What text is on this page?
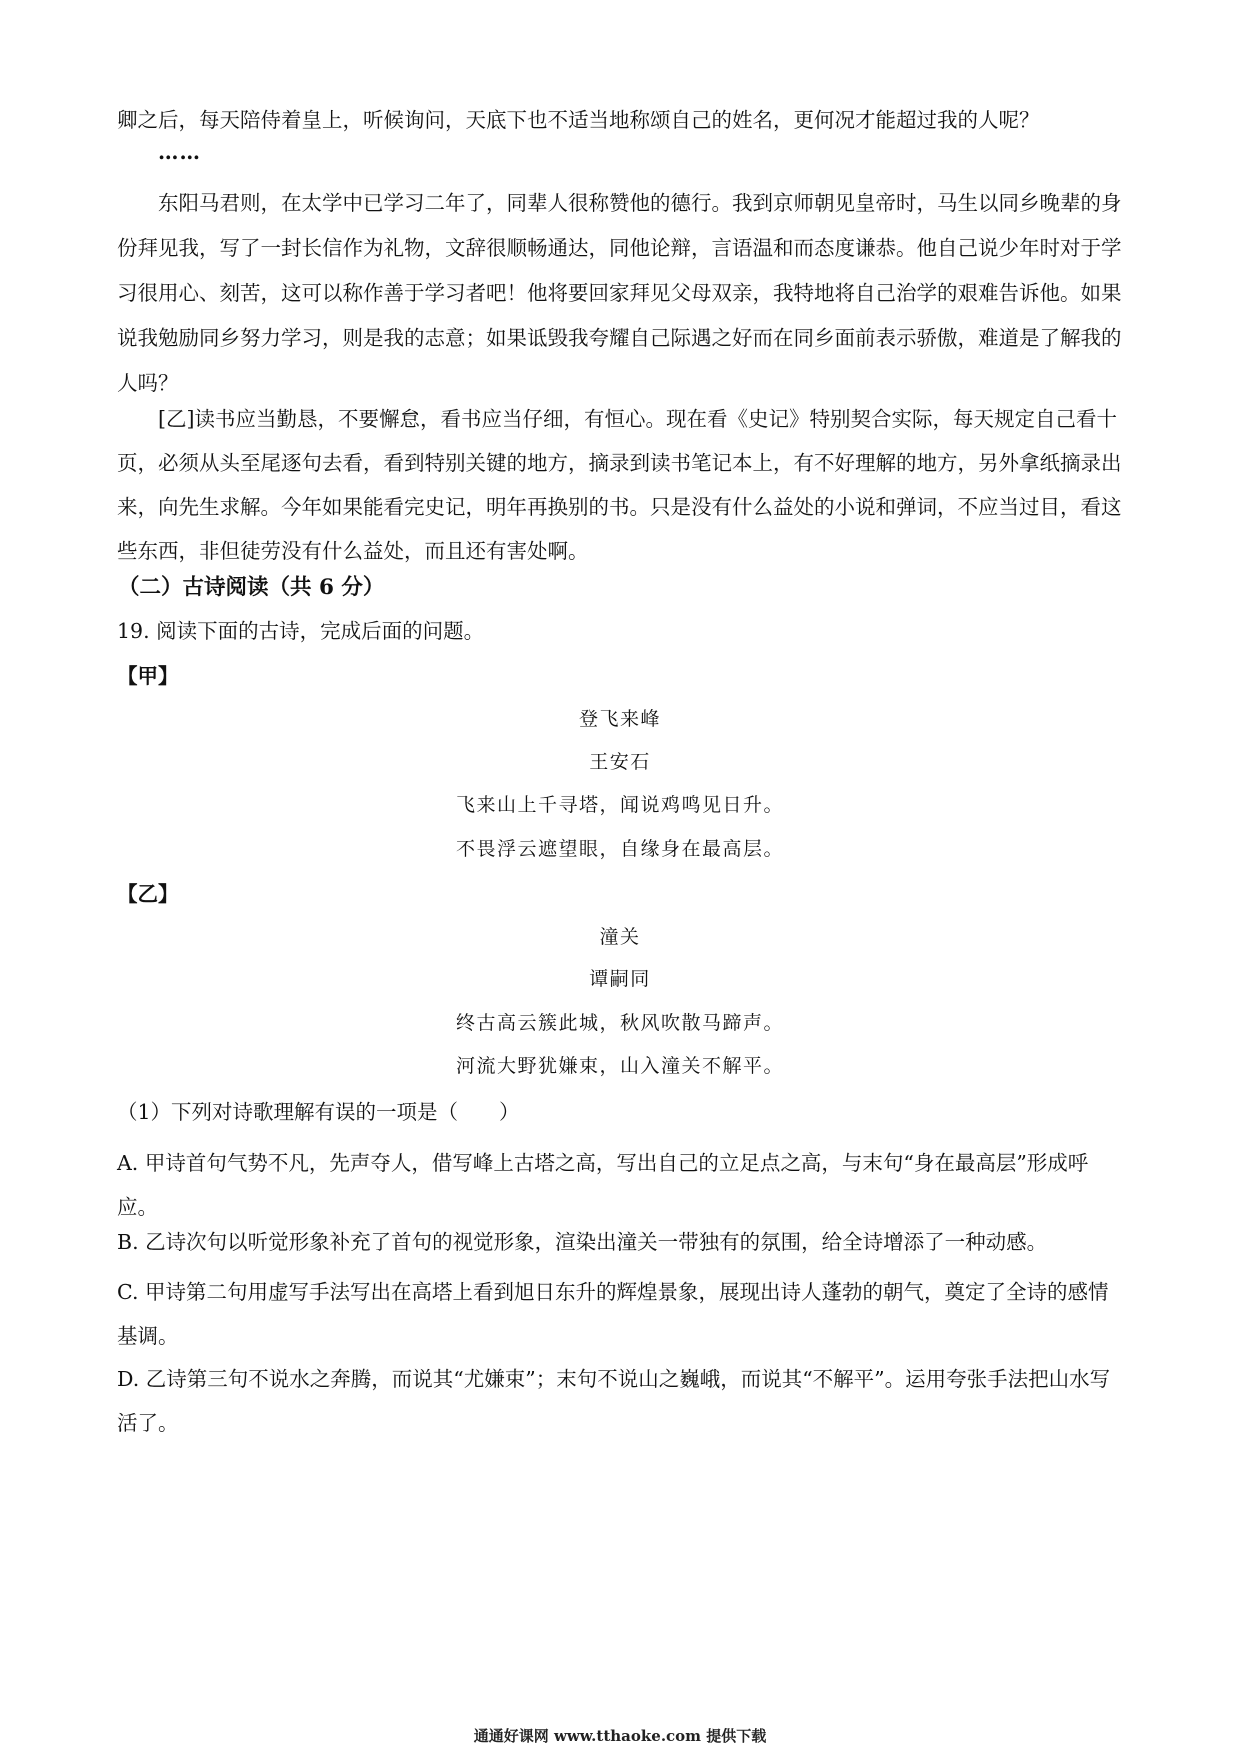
卿之后，每天陪侍着皇上，听候询问，天底下也不适当地称颂自己的姓名，更何况才能超过我的人呢？

……

东阳马君则，在太学中已学习二年了，同辈人很称赞他的德行。我到京师朝见皇帝时，马生以同乡晚辈的身份拜见我，写了一封长信作为礼物，文辞很顺畅通达，同他论辩，言语温和而态度谦恭。他自己说少年时对于学习很用心、刻苦，这可以称作善于学习者吧！他将要回家拜见父母双亲，我特地将自己治学的艰难告诉他。如果说我勉励同乡努力学习，则是我的志意；如果诋毁我夸耀自己际遇之好而在同乡面前表示骄傲，难道是了解我的人吗？

[乙]读书应当勤恳，不要懈怠，看书应当仔细，有恒心。现在看《史记》特别契合实际，每天规定自己看十页，必须从头至尾逐句去看，看到特别关键的地方，摘录到读书笔记本上，有不好理解的地方，另外拿纸摘录出来，向先生求解。今年如果能看完史记，明年再换别的书。只是没有什么益处的小说和弹词，不应当过目，看这些东西，非但徒劳没有什么益处，而且还有害处啊。

（二）古诗阅读（共 6 分）

19. 阅读下面的古诗，完成后面的问题。

【甲】
登飞来峰
王安石
飞来山上千寻塔，闻说鸡鸣见日升。
不畏浮云遮望眼，自缘身在最高层。
【乙】
潼关
谭嗣同
终古高云簇此城，秋风吹散马蹄声。
河流大野犹嫌束，山入潼关不解平。

（1）下列对诗歌理解有误的一项是（　　）

A. 甲诗首句气势不凡，先声夺人，借写峰上古塔之高，写出自己的立足点之高，与末句“身在最高层”形成呼应。

B. 乙诗次句以听觉形象补充了首句的视觉形象，渲染出潼关一带独有的氛围，给全诗增添了一种动感。

C. 甲诗第二句用虚写手法写出在高塔上看到旭日东升的辉煌景象，展现出诗人蓬勃的朝气，奠定了全诗的感情基调。

D. 乙诗第三句不说水之奔腾，而说其“尤嫌束”；末句不说山之巍峨，而说其“不解平”。运用夸张手法把山水写活了。

通通好课网 www.tthaoke.com 提供下载
